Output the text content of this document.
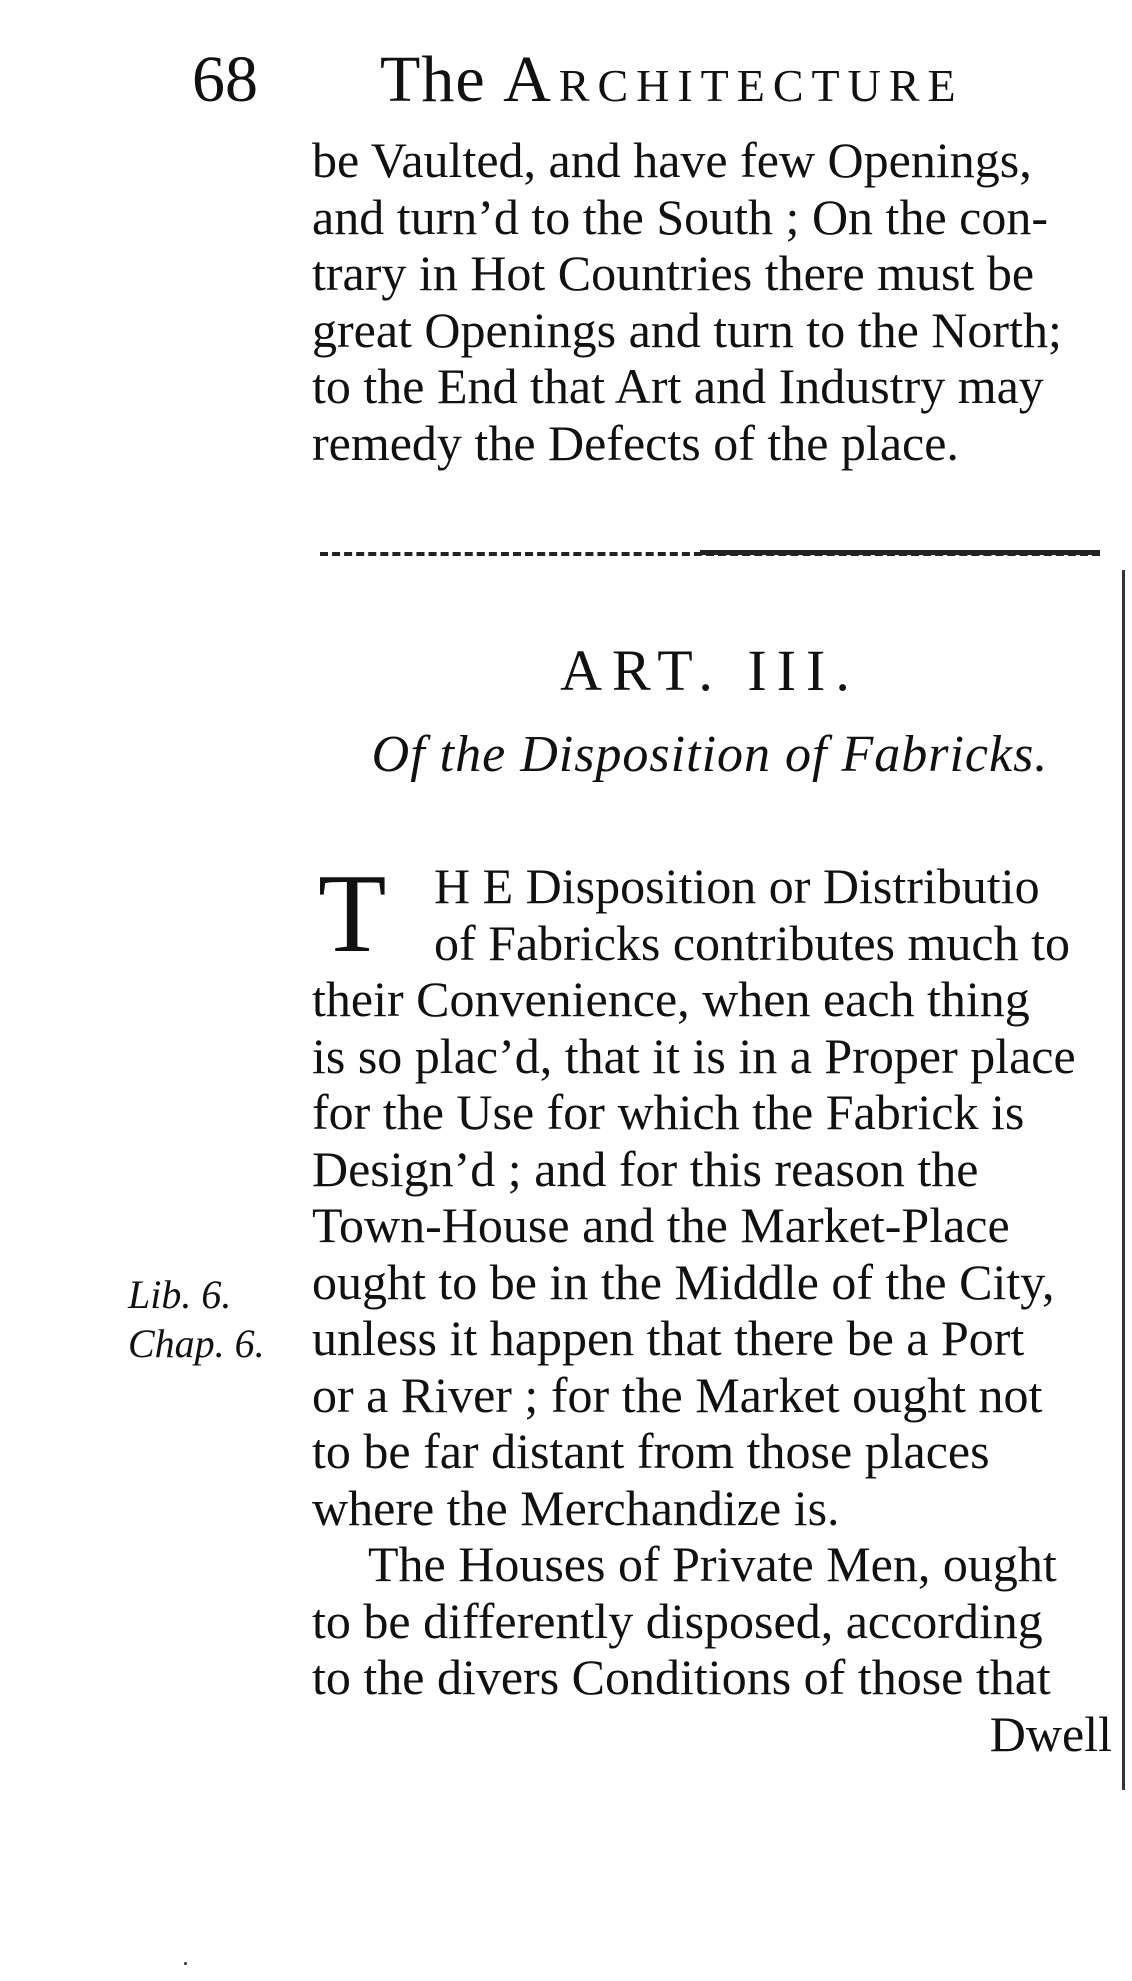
68 The Architecture
be Vaulted, and have few Openings,
and turn’d to the South ; On the con-
trary in Hot Countries there must be
great Openings and turn to the North;
to the End that Art and Industry may
remedy the Defects of the place.
ART. III.
Of the Disposition of Fabricks.
T H E Disposition or Distributio
of Fabricks contributes much to
their Convenience, when each thing
is so plac’d, that it is in a Proper place
for the Use for which the Fabrick is
Design’d ; and for this reason the
Town-House and the Market-Place
ought to be in the Middle of the City,
unless it happen that there be a Port
or a River ; for the Market ought not
to be far distant from those places
where the Merchandize is.
The Houses of Private Men, ought
to be differently disposed, according
to the divers Conditions of those that
Dwell
Lib. 6.
Chap. 6.
